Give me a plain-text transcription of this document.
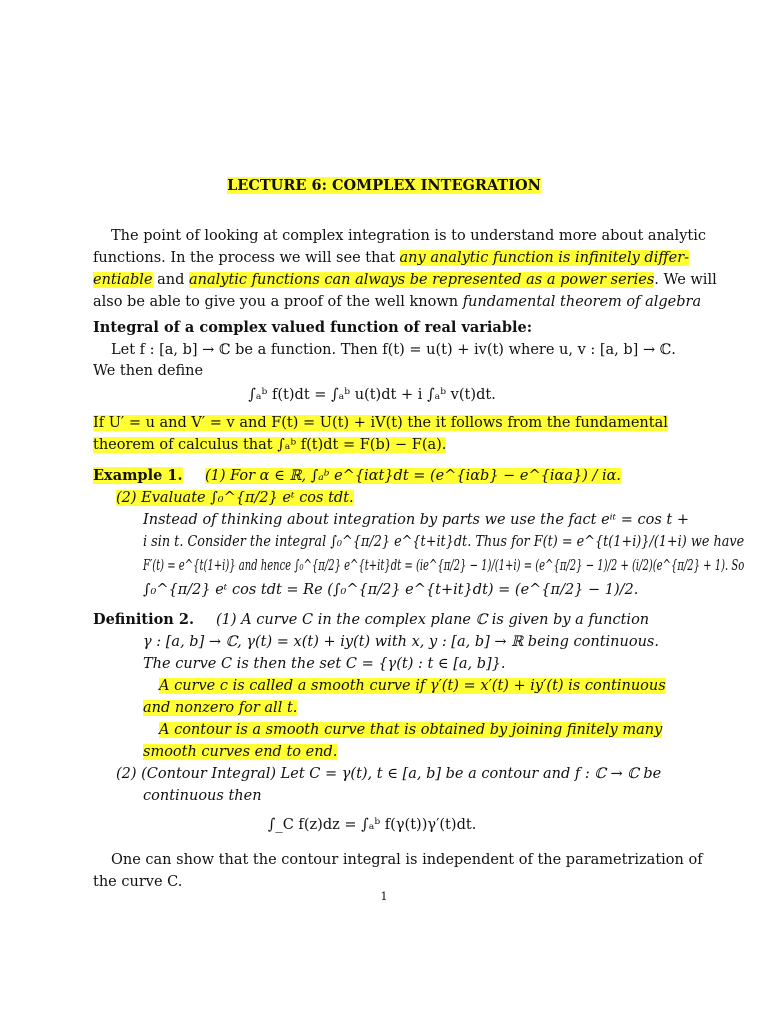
LECTURE 6: COMPLEX INTEGRATION
The point of looking at complex integration is to understand more about analytic
functions. In the process we will see that any analytic function is infinitely differ-
entiable and analytic functions can always be represented as a power series. We will
also be able to give you a proof of the well known fundamental theorem of algebra
Integral of a complex valued function of real variable:
Let f : [a, b] → ℂ be a function. Then f(t) = u(t) + iv(t) where u, v : [a, b] → ℂ.
We then define
∫ₐᵇ f(t)dt = ∫ₐᵇ u(t)dt + i ∫ₐᵇ v(t)dt.
If U′ = u and V′ = v and F(t) = U(t) + iV(t) the it follows from the fundamental
theorem of calculus that ∫ₐᵇ f(t)dt = F(b) − F(a).
Example 1. (1) For α ∈ ℝ, ∫ₐᵇ e^{iαt}dt = (e^{iαb} − e^{iαa}) / iα.
(2) Evaluate ∫₀^{π/2} eᵗ cos tdt.
Instead of thinking about integration by parts we use the fact eⁱᵗ = cos t +
i sin t. Consider the integral ∫₀^{π/2} e^{t+it}dt. Thus for F(t) = e^{t(1+i)}/(1+i) we have
F′(t) = e^{t(1+i)} and hence ∫₀^{π/2} e^{t+it}dt = (ie^{π/2} − 1)/(1+i) = (e^{π/2} − 1)/2 + (i/2)(e^{π/2} + 1). So
∫₀^{π/2} eᵗ cos tdt = Re (∫₀^{π/2} e^{t+it}dt) = (e^{π/2} − 1)/2.
Definition 2. (1) A curve C in the complex plane ℂ is given by a function
γ : [a, b] → ℂ, γ(t) = x(t) + iy(t) with x, y : [a, b] → ℝ being continuous.
The curve C is then the set C = {γ(t) : t ∈ [a, b]}.
A curve c is called a smooth curve if γ′(t) = x′(t) + iy′(t) is continuous
and nonzero for all t.
A contour is a smooth curve that is obtained by joining finitely many
smooth curves end to end.
(2) (Contour Integral) Let C = γ(t), t ∈ [a, b] be a contour and f : ℂ → ℂ be
continuous then
∫_C f(z)dz = ∫ₐᵇ f(γ(t))γ′(t)dt.
One can show that the contour integral is independent of the parametrization of
the curve C.
1
